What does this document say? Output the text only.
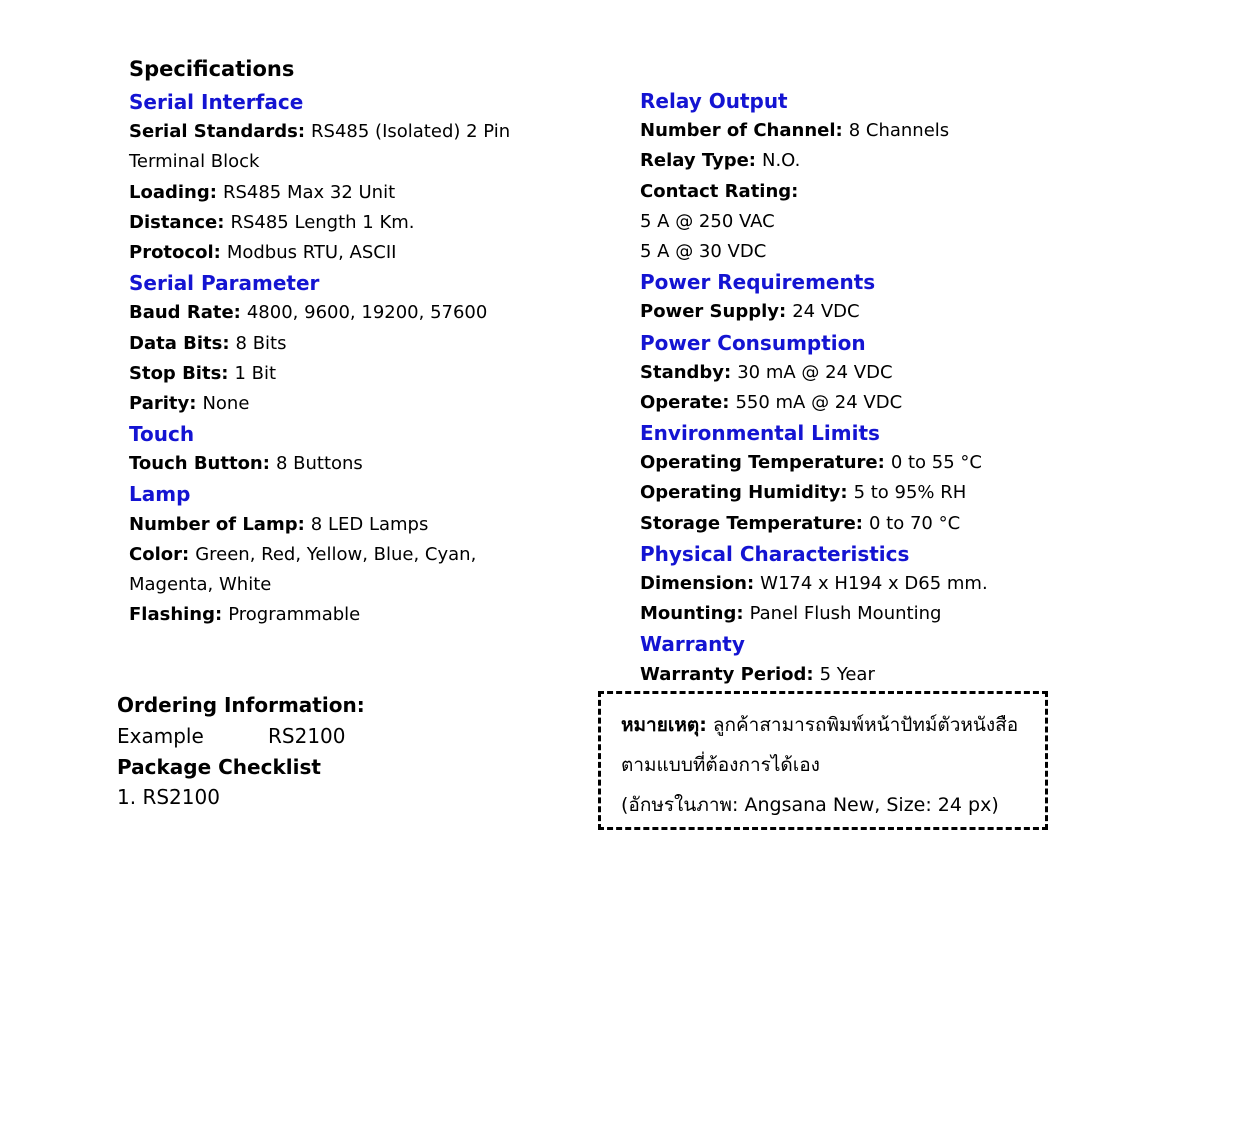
Specifications
Serial Interface
Serial Standards: RS485 (Isolated) 2 Pin
Terminal Block
Loading: RS485 Max 32 Unit
Distance: RS485 Length 1 Km.
Protocol: Modbus RTU, ASCII
Serial Parameter
Baud Rate: 4800, 9600, 19200, 57600
Data Bits: 8 Bits
Stop Bits: 1 Bit
Parity: None
Touch
Touch Button: 8 Buttons
Lamp
Number of Lamp: 8 LED Lamps
Color: Green, Red, Yellow, Blue, Cyan,
Magenta, White
Flashing: Programmable
Relay Output
Number of Channel: 8 Channels
Relay Type: N.O.
Contact Rating:
5 A @ 250 VAC
5 A @ 30 VDC
Power Requirements
Power Supply: 24 VDC
Power Consumption
Standby: 30 mA @ 24 VDC
Operate: 550 mA @ 24 VDC
Environmental Limits
Operating Temperature: 0 to 55 °C
Operating Humidity: 5 to 95% RH
Storage Temperature: 0 to 70 °C
Physical Characteristics
Dimension: W174 x H194 x D65 mm.
Mounting: Panel Flush Mounting
Warranty
Warranty Period: 5 Year
Ordering Information:
Example	RS2100
Package Checklist
1. RS2100
หมายเหตุ: ลูกค้าสามารถพิมพ์หน้าปัทม์ตัวหนังสือ
ตามแบบที่ต้องการได้เอง
(อักษรในภาพ: Angsana New, Size: 24 px)
